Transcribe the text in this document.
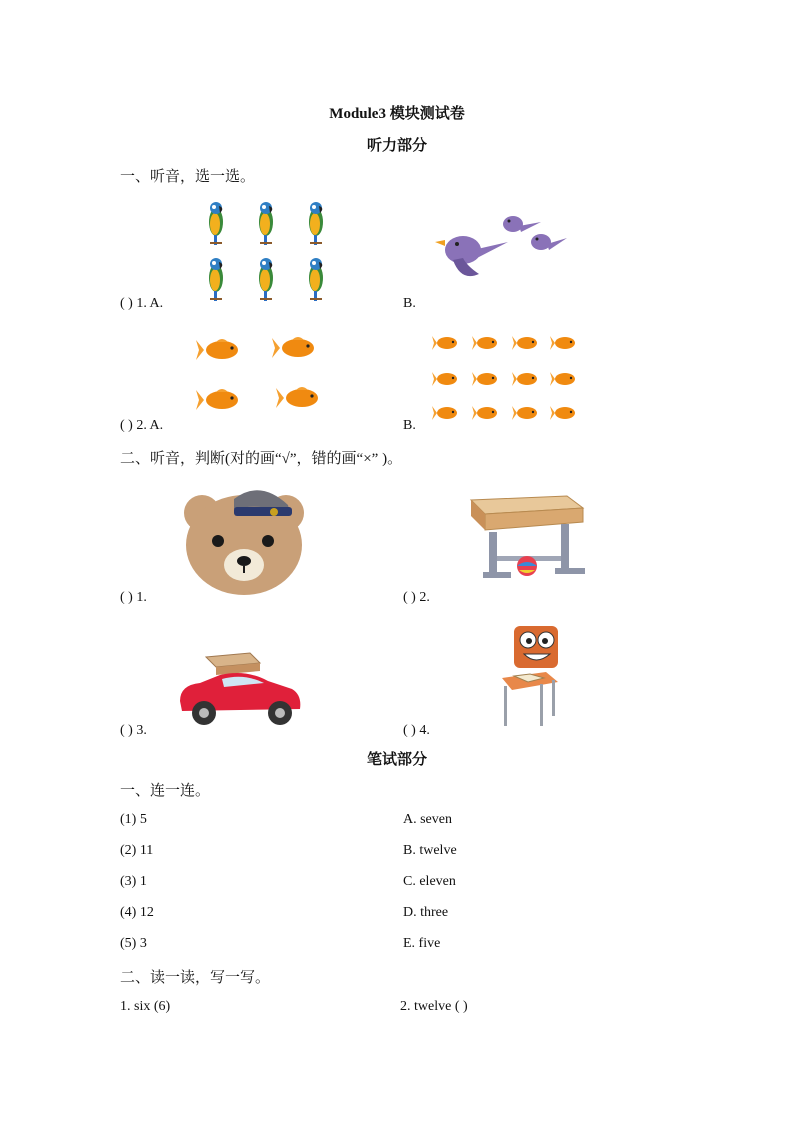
Module3 模块测试卷
听力部分
一、听音，选一选。
( ) 1. A.	B.
( ) 2. A.	B.
二、听音，判断(对的画“√”，错的画“×” )。
( ) 1.	( ) 2.
( ) 3.	( ) 4.
笔试部分
一、连一连。
(1) 5	A. seven
(2) 11	B. twelve
(3) 1	C. eleven
(4) 12	D. three
(5) 3	E. five
二、读一读，写一写。
1. six (6)	2. twelve ( )
